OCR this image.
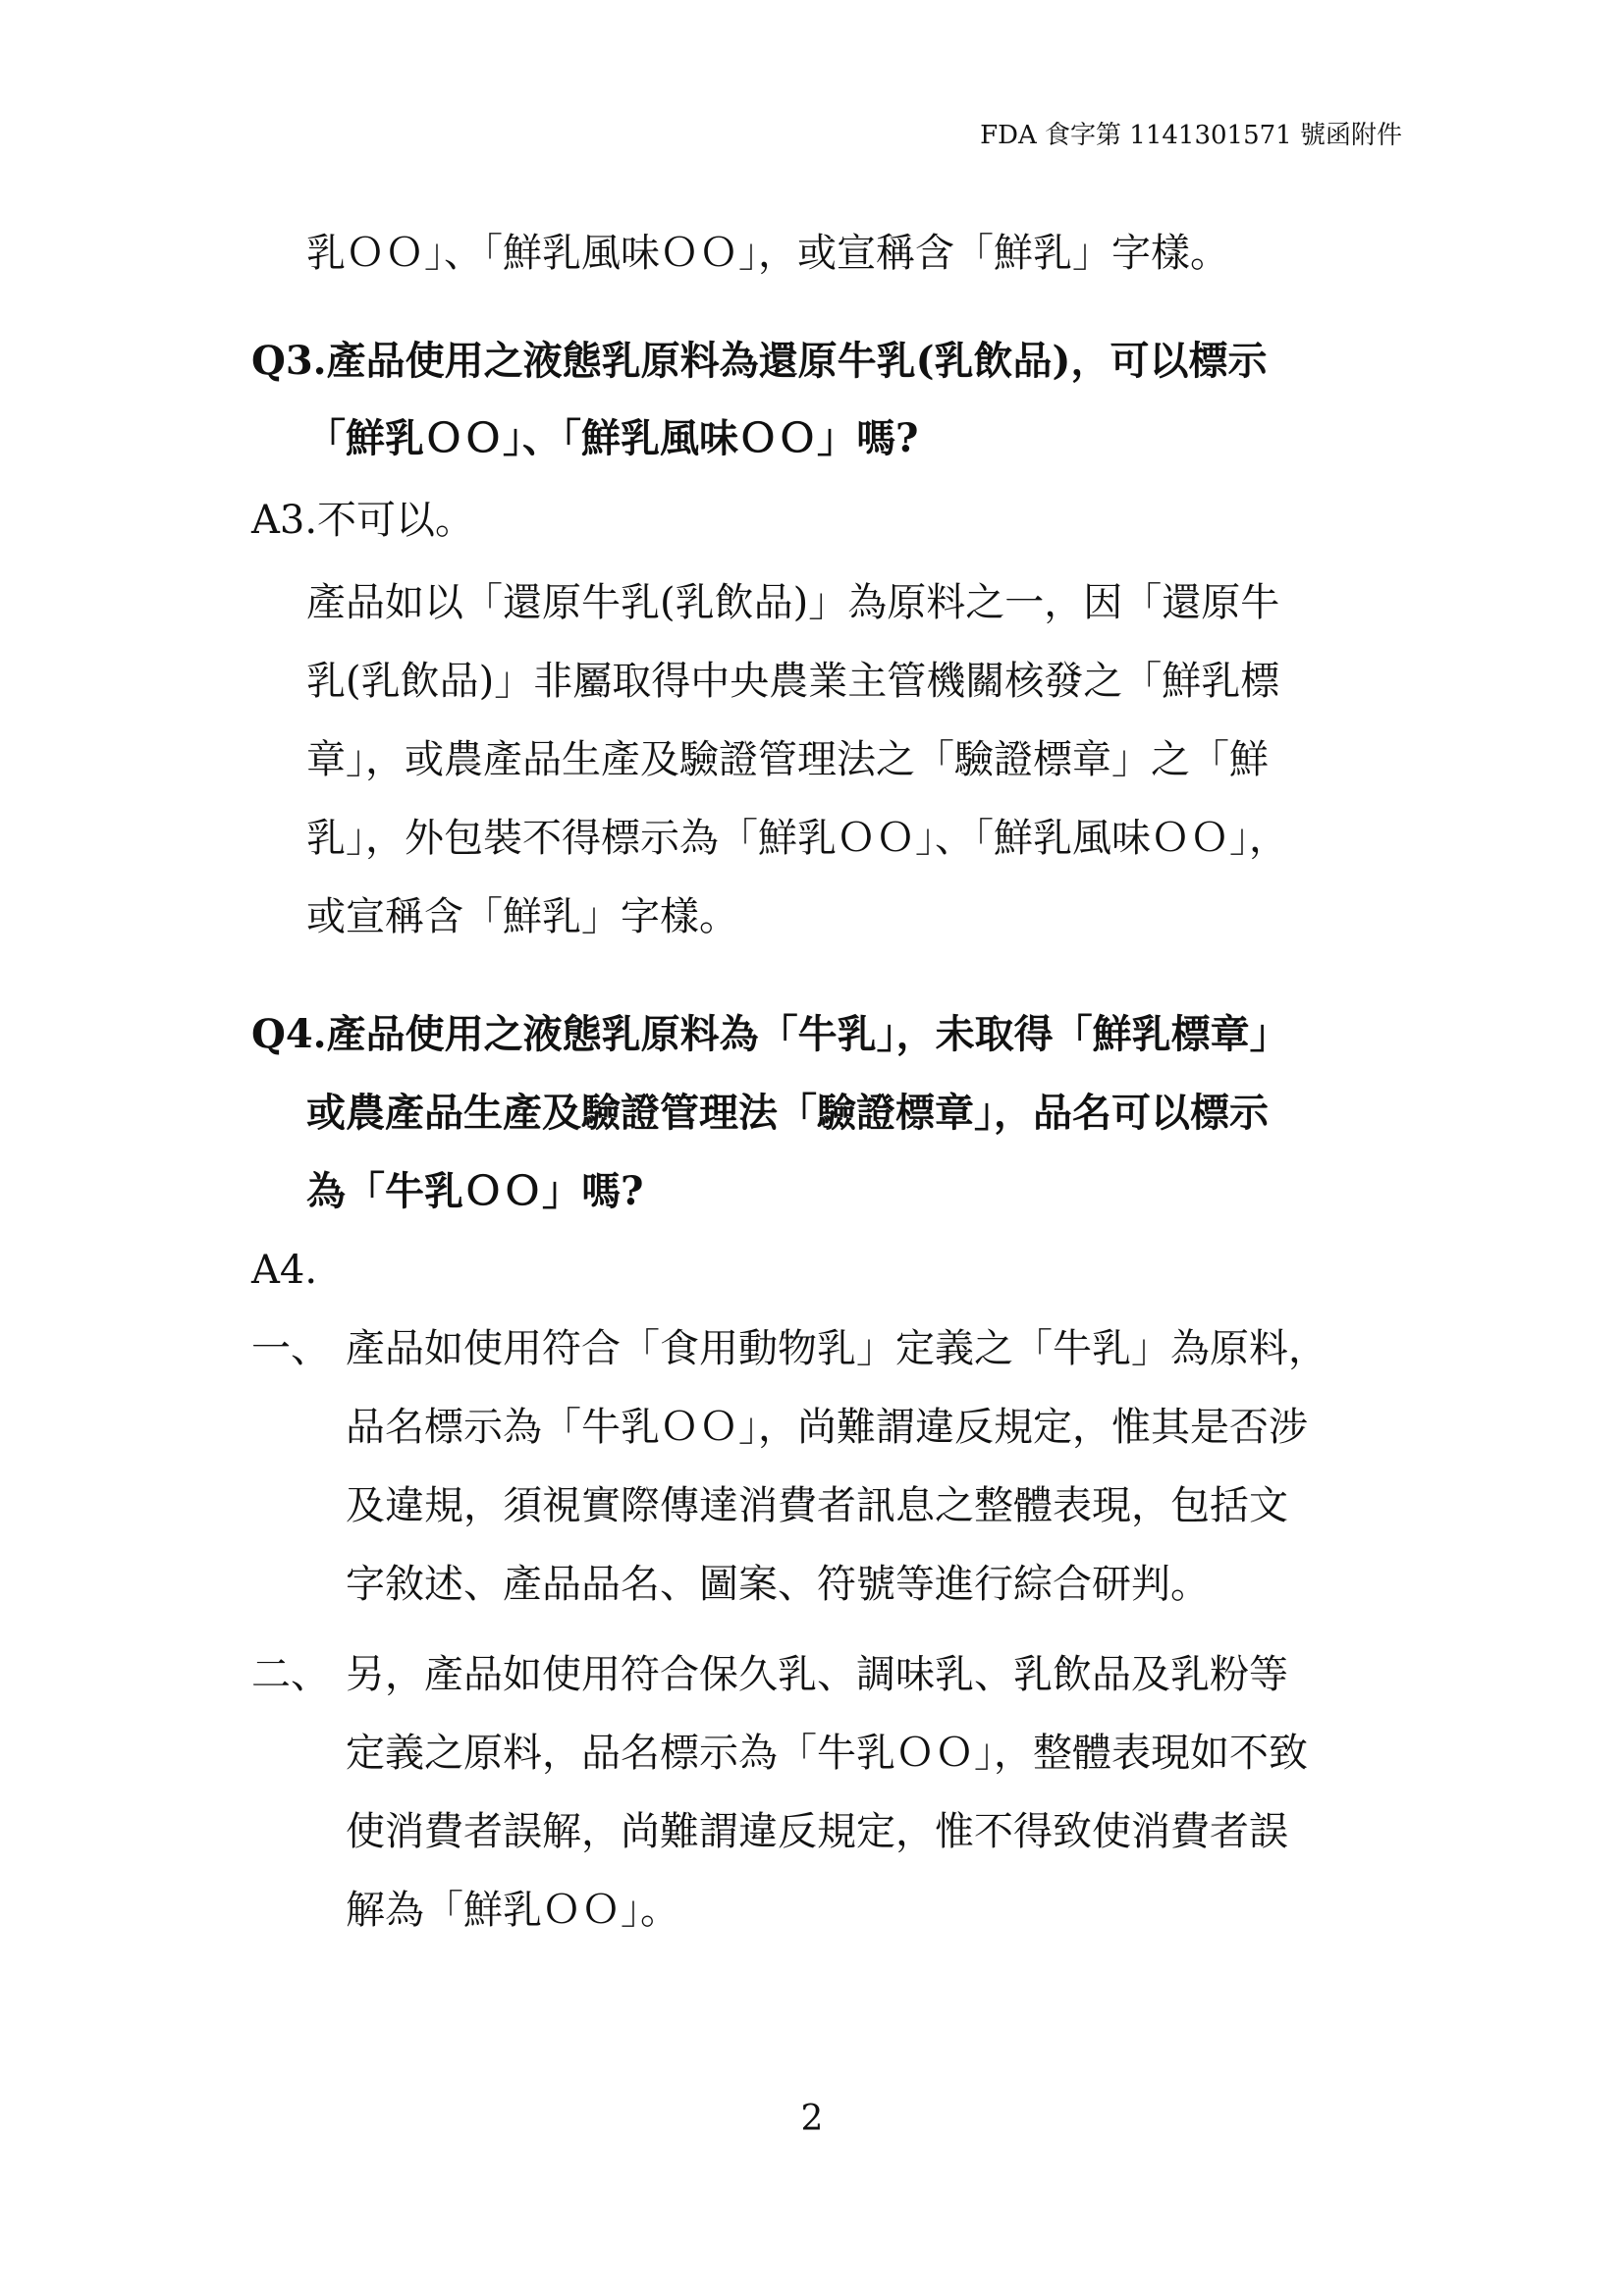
FDA 食字第 1141301571 號函附件
乳ＯＯ」、「鮮乳風味ＯＯ」，或宣稱含「鮮乳」字樣。
Q3.產品使用之液態乳原料為還原牛乳(乳飲品)，可以標示
「鮮乳ＯＯ」、「鮮乳風味ＯＯ」嗎?
A3.不可以。
產品如以「還原牛乳(乳飲品)」為原料之一，因「還原牛
乳(乳飲品)」非屬取得中央農業主管機關核發之「鮮乳標
章」，或農產品生產及驗證管理法之「驗證標章」之「鮮
乳」，外包裝不得標示為「鮮乳ＯＯ」、「鮮乳風味ＯＯ」，
或宣稱含「鮮乳」字樣。
Q4.產品使用之液態乳原料為「牛乳」，未取得「鮮乳標章」
或農產品生產及驗證管理法「驗證標章」，品名可以標示
為「牛乳ＯＯ」嗎?
A4.
一、 產品如使用符合「食用動物乳」定義之「牛乳」為原料，
品名標示為「牛乳ＯＯ」，尚難謂違反規定，惟其是否涉
及違規，須視實際傳達消費者訊息之整體表現，包括文
字敘述、產品品名、圖案、符號等進行綜合研判。
二、 另，產品如使用符合保久乳、調味乳、乳飲品及乳粉等
定義之原料，品名標示為「牛乳ＯＯ」，整體表現如不致
使消費者誤解，尚難謂違反規定，惟不得致使消費者誤
解為「鮮乳ＯＯ」。
2
